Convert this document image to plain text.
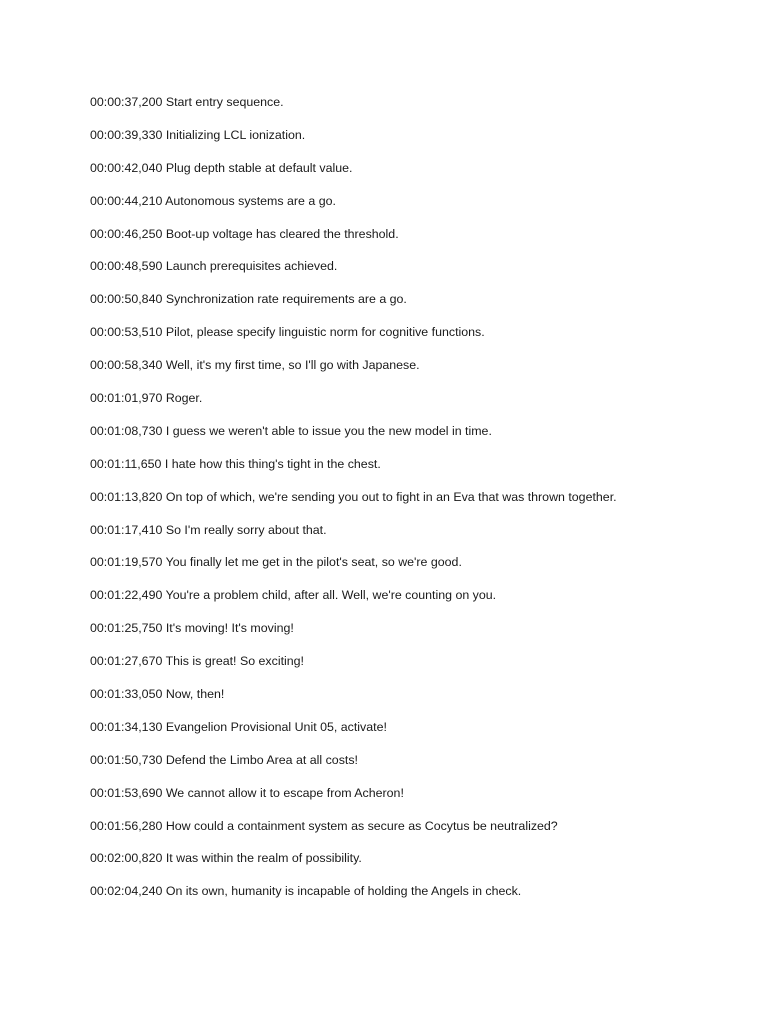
00:00:37,200 Start entry sequence.
00:00:39,330 Initializing LCL ionization.
00:00:42,040 Plug depth stable at default value.
00:00:44,210 Autonomous systems are a go.
00:00:46,250 Boot-up voltage has cleared the threshold.
00:00:48,590 Launch prerequisites achieved.
00:00:50,840 Synchronization rate requirements are a go.
00:00:53,510 Pilot, please specify linguistic norm for cognitive functions.
00:00:58,340 Well, it's my first time, so I'll go with Japanese.
00:01:01,970 Roger.
00:01:08,730 I guess we weren't able to issue you the new model in time.
00:01:11,650 I hate how this thing's tight in the chest.
00:01:13,820 On top of which, we're sending you out to fight in an Eva that was thrown together.
00:01:17,410 So I'm really sorry about that.
00:01:19,570 You finally let me get in the pilot's seat, so we're good.
00:01:22,490 You're a problem child, after all. Well, we're counting on you.
00:01:25,750 It's moving! It's moving!
00:01:27,670 This is great! So exciting!
00:01:33,050 Now, then!
00:01:34,130 Evangelion Provisional Unit 05, activate!
00:01:50,730 Defend the Limbo Area at all costs!
00:01:53,690 We cannot allow it to escape from Acheron!
00:01:56,280 How could a containment system as secure as Cocytus be neutralized?
00:02:00,820 It was within the realm of possibility.
00:02:04,240 On its own, humanity is incapable of holding the Angels in check.
